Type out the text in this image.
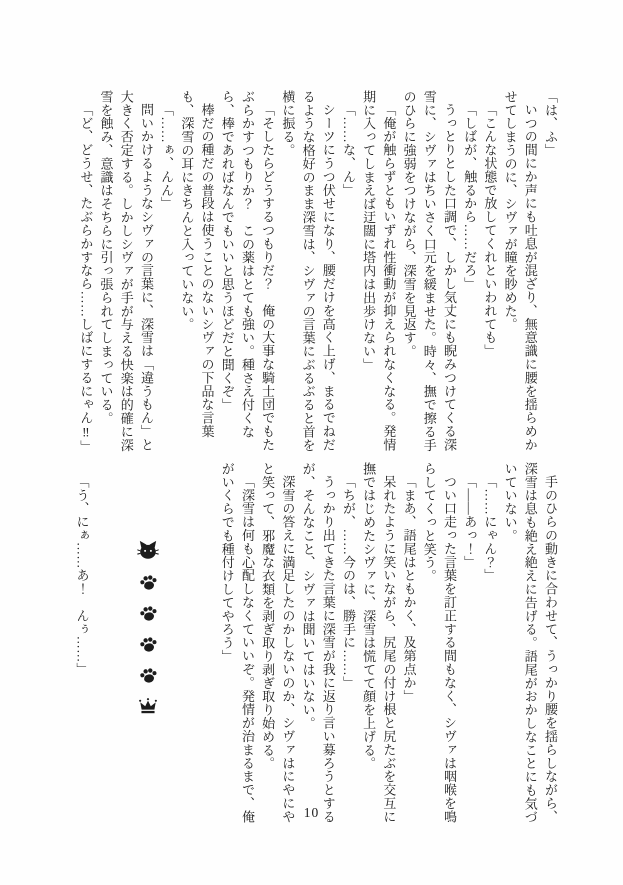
「は、ふ」

いつの間にか声にも吐息が混ざり、無意識に腰を揺らめかせてしまうのに、シヴァが瞳を眇めた。

「こんな状態で放してくれといわれても」

「しばが、触るから……だろ」

うっとりとした口調で、しかし気丈にも睨みつけてくる深雪に、シヴァはちいさく口元を緩ませた。時々、撫で擦る手のひらに強弱をつけながら、深雪を見返す。

「俺が触らずともいずれ性衝動が抑えられなくなる。発情期に入ってしまえば迂闊に塔内は出歩けない」

「……な、ん」

シーツにうつ伏せになり、腰だけを高く上げ、まるでねだるような格好のまま深雪は、シヴァの言葉にぶるぶると首を横に振る。

「そしたらどうするつもりだ？　俺の大事な騎士団でもたぶらかすつもりか？　この薬はとても強い。種さえ付くなら、棒であればなんでもいいと思うほどだと聞くぞ」

棒だの種だの普段は使うことのないシヴァの下品な言葉も、深雪の耳にきちんと入っていない。

「……ぁ、んん」

問いかけるようなシヴァの言葉に、深雪は「違うもん」と大きく否定する。しかしシヴァが手が与える快楽は的確に深雪を蝕み、意識はそちらに引っ張られてしまっている。

「ど、どうせ、たぶらかすなら……しばにするにゃん‼」

手のひらの動きに合わせて、うっかり腰を揺らしながら、深雪は息も絶え絶えに告げる。語尾がおかしなことにも気づいていない。

「……にゃん？」

「――あっ！」

つい口走った言葉を訂正する間もなく、シヴァは咽喉を鳴らしてくっと笑う。

「まあ、語尾はともかく、及第点か」

呆れたように笑いながら、尻尾の付け根と尻たぶを交互に撫ではじめたシヴァに、深雪は慌てて顔を上げる。

「ちが、……今のは、勝手に……」

うっかり出てきた言葉に深雪が我に返り言い募ろうとするが、そんなこと、シヴァは聞いてはいない。

深雪の答えに満足したのかしないのか、シヴァはにやにやと笑って、邪魔な衣類を剥ぎ取り剥ぎ取り始める。

「深雪は何も心配しなくていいぞ。発情が治まるまで、俺がいくらでも種付けしてやろう」

「う、にぁ……あ！　んぅ……」

10
